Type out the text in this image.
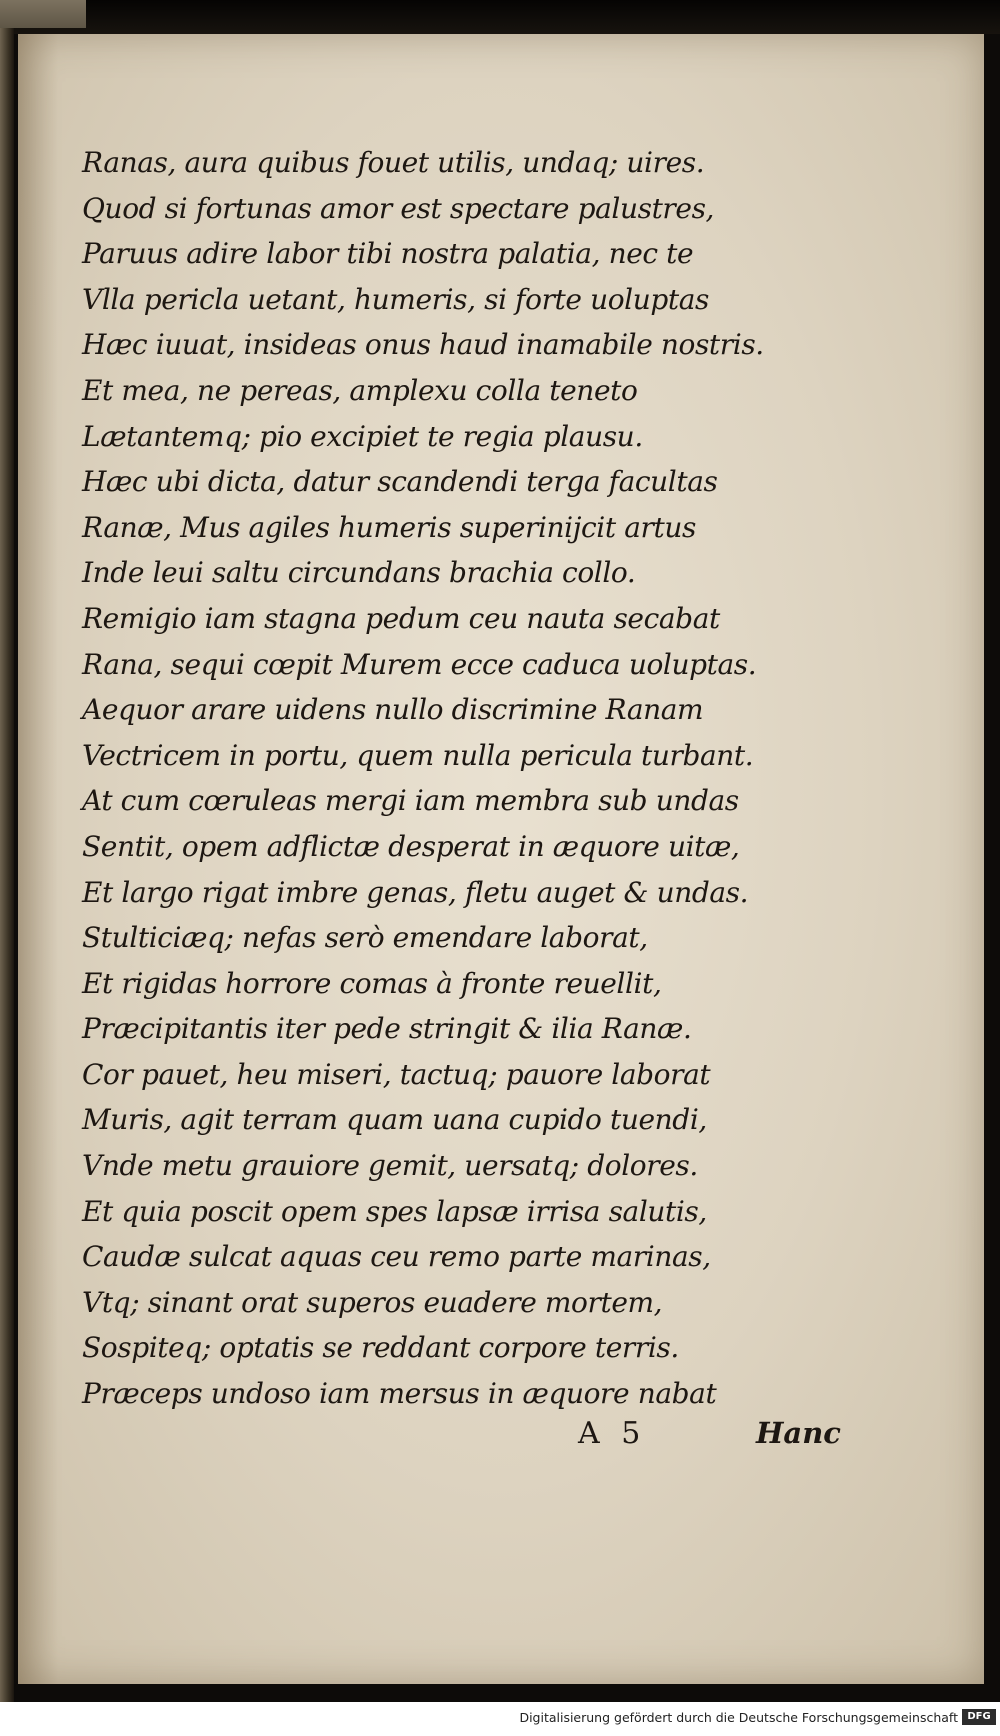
Ranas, aura quibus fouet utilis, undaq; uires.
Quod si fortunas amor est spectare palustres,
Paruus adire labor tibi nostra palatia, nec te
Vlla pericla uetant, humeris, si forte uoluptas
Hæc iuuat, insideas onus haud inamabile nostris.
Et mea, ne pereas, amplexu colla teneto
Lætantemq; pio excipiet te regia plausu.
Hæc ubi dicta, datur scandendi terga facultas
Ranæ, Mus agiles humeris superinijcit artus
Inde leui saltu circundans brachia collo.
Remigio iam stagna pedum ceu nauta secabat
Rana, sequi cœpit Murem ecce caduca uoluptas.
Aequor arare uidens nullo discrimine Ranam
Vectricem in portu, quem nulla pericula turbant.
At cum cœruleas mergi iam membra sub undas
Sentit, opem adflictæ desperat in æquore uitæ,
Et largo rigat imbre genas, fletu auget & undas.
Stulticiæq; nefas serò emendare laborat,
Et rigidas horrore comas à fronte reuellit,
Præcipitantis iter pede stringit & ilia Ranæ.
Cor pauet, heu miseri, tactuq; pauore laborat
Muris, agit terram quam uana cupido tuendi,
Vnde metu grauiore gemit, uersatq; dolores.
Et quia poscit opem spes lapsæ irrisa salutis,
Caudæ sulcat aquas ceu remo parte marinas,
Vtq; sinant orat superos euadere mortem,
Sospiteq; optatis se reddant corpore terris.
Præceps undoso iam mersus in æquore nabat
A 5	Hanc
Digitalisierung gefördert durch die Deutsche Forschungsgemeinschaft DFG
